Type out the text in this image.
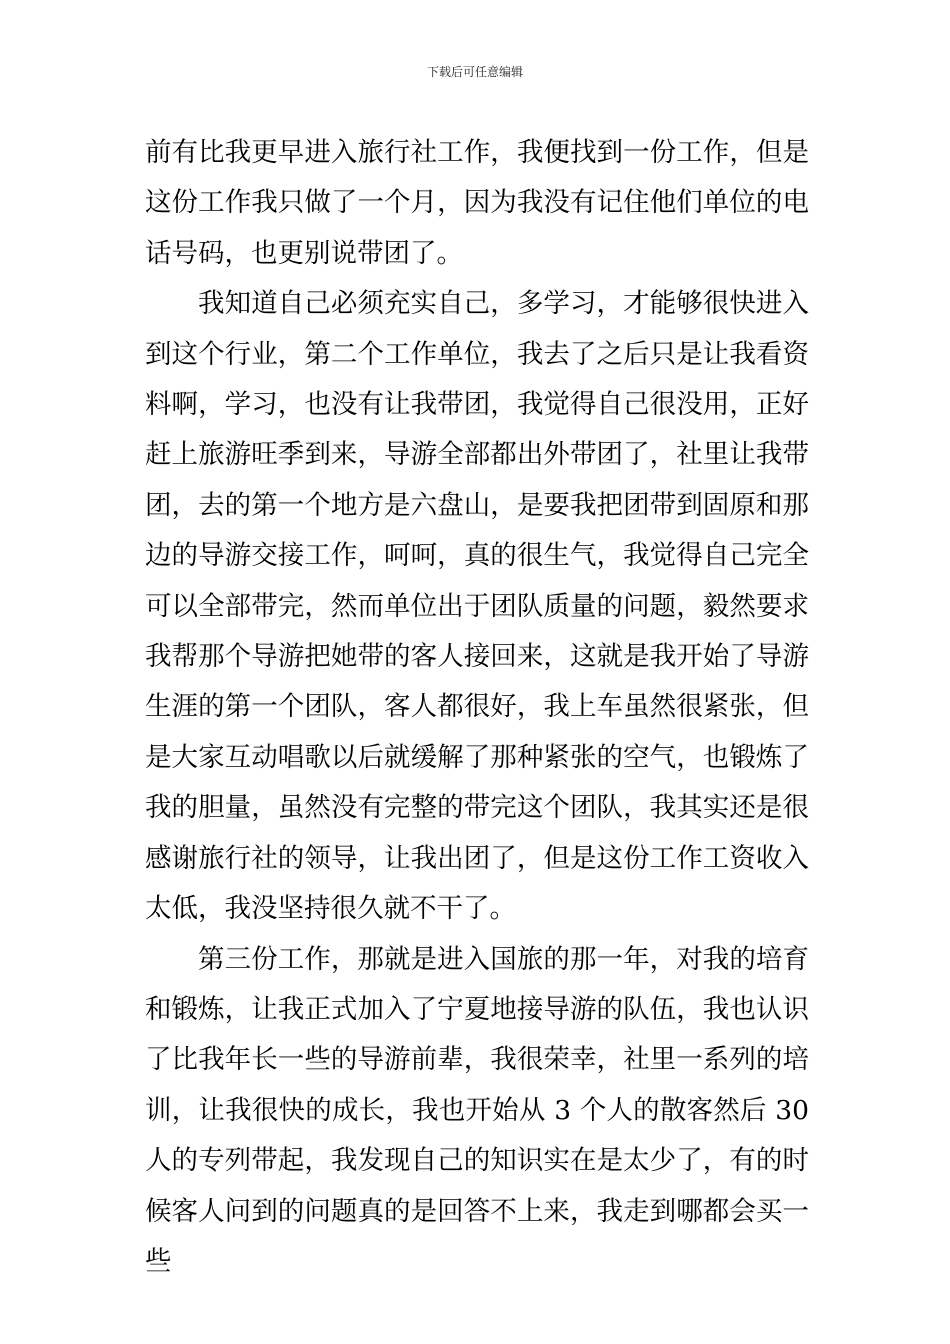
下载后可任意编辑

前有比我更早进入旅行社工作，我便找到一份工作，但是这份工作我只做了一个月，因为我没有记住他们单位的电话号码，也更别说带团了。

我知道自己必须充实自己，多学习，才能够很快进入到这个行业，第二个工作单位，我去了之后只是让我看资料啊，学习，也没有让我带团，我觉得自己很没用，正好赶上旅游旺季到来，导游全部都出外带团了，社里让我带团，去的第一个地方是六盘山，是要我把团带到固原和那边的导游交接工作，呵呵，真的很生气，我觉得自己完全可以全部带完，然而单位出于团队质量的问题，毅然要求我帮那个导游把她带的客人接回来，这就是我开始了导游生涯的第一个团队，客人都很好，我上车虽然很紧张，但是大家互动唱歌以后就缓解了那种紧张的空气，也锻炼了我的胆量，虽然没有完整的带完这个团队，我其实还是很感谢旅行社的领导，让我出团了，但是这份工作工资收入太低，我没坚持很久就不干了。

第三份工作，那就是进入国旅的那一年，对我的培育和锻炼，让我正式加入了宁夏地接导游的队伍，我也认识了比我年长一些的导游前辈，我很荣幸，社里一系列的培训，让我很快的成长，我也开始从 3 个人的散客然后 30 人的专列带起，我发现自己的知识实在是太少了，有的时候客人问到的问题真的是回答不上来，我走到哪都会买一些
